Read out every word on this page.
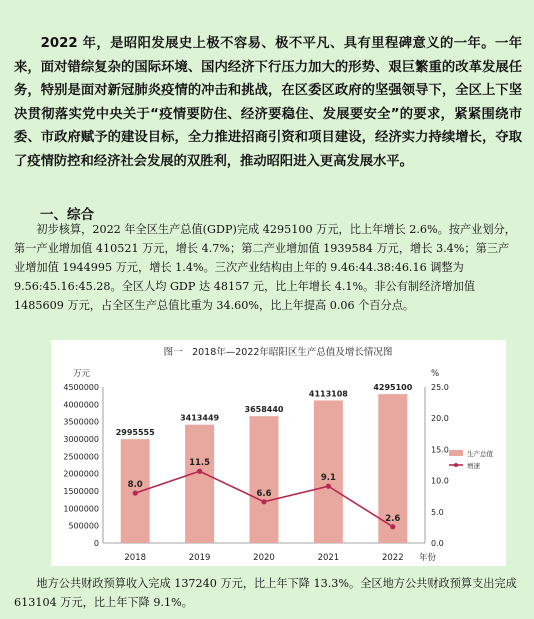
2022 年，是昭阳发展史上极不容易、极不平凡、具有里程碑意义的一年。一年来，面对错综复杂的国际环境、国内经济下行压力加大的形势、艰巨繁重的改革发展任务，特别是面对新冠肺炎疫情的冲击和挑战，在区委区政府的坚强领导下，全区上下坚决贯彻落实党中央关于“疫情要防住、经济要稳住、发展要安全”的要求，紧紧围绕市委、市政府赋予的建设目标，全力推进招商引资和项目建设，经济实力持续增长，夺取了疫情防控和经济社会发展的双胜利，推动昭阳进入更高发展水平。
一、综合
初步核算，2022 年全区生产总值(GDP)完成 4295100 万元，比上年增长 2.6%。按产业划分，第一产业增加值 410521 万元，增长 4.7%；第二产业增加值 1939584 万元，增长 3.4%；第三产业增加值 1944995 万元，增长 1.4%。三次产业结构由上年的 9.46:44.38:46.16 调整为 9.56:45.16:45.28。全区人均 GDP 达 48157 元，比上年增长 4.1%。非公有制经济增加值 1485609 万元，占全区生产总值比重为 34.60%，比上年提高 0.06 个百分点。
图一　2018年—2022年昭阳区生产总值及增长情况图
万元	%
年份
0
500000
1000000
1500000
2000000
2500000
3000000
3500000
4000000
4500000
0.0
5.0
10.0
15.0
20.0
25.0
2995555
3413449
3658440
4113108
4295100
2018	2019	2020	2021	2022
8.0
11.5
6.6
9.1
2.6
生产总值
增速
地方公共财政预算收入完成 137240 万元，比上年下降 13.3%。全区地方公共财政预算支出完成 613104 万元，比上年下降 9.1%。
